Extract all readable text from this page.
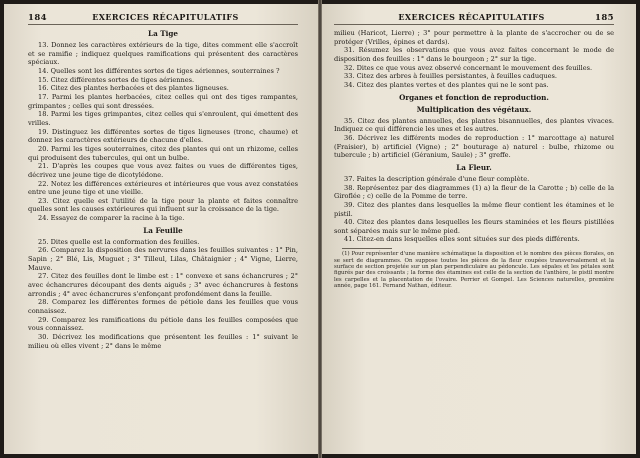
184	EXERCICES RÉCAPITULATIFS
La Tige

13. Donnez les caractères extérieurs de la tige, dites comment elle s'accroît et se ramifie ; indiquez quelques ramifications qui présentent des caractères spéciaux.

14. Quelles sont les différentes sortes de tiges aériennes, souterraines ?

15. Citez différentes sortes de tiges aériennes.

16. Citez des plantes herbacées et des plantes ligneuses.

17. Parmi les plantes herbacées, citez celles qui ont des tiges rampantes, grimpantes ; celles qui sont dressées.

18. Parmi les tiges grimpantes, citez celles qui s'enroulent, qui émettent des vrilles.

19. Distinguez les différentes sortes de tiges ligneuses (tronc, chaume) et donnez les caractères extérieurs de chacune d'elles.

20. Parmi les tiges souterraines, citez des plantes qui ont un rhizome, celles qui produisent des tubercules, qui ont un bulbe.

21. D'après les coupes que vous avez faites ou vues de différentes tiges, décrivez une jeune tige de dicotylédone.

22. Notez les différences extérieures et intérieures que vous avez constatées entre une jeune tige et une vieille.

23. Citez quelle est l'utilité de la tige pour la plante et faites connaître quelles sont les causes extérieures qui influent sur la croissance de la tige.

24. Essayez de comparer la racine à la tige.

La Feuille

25. Dites quelle est la conformation des feuilles.

26. Comparez la disposition des nervures dans les feuilles suivantes : 1° Pin, Sapin ; 2° Blé, Lis, Muguet ; 3° Tilleul, Lilas, Châtaignier ; 4° Vigne, Lierre, Mauve.

27. Citez des feuilles dont le limbe est : 1° convexe et sans échancrures ; 2° avec échancrures découpant des dents aiguës ; 3° avec échancrures à festons arrondis ; 4° avec échancrures s'enfonçant profondément dans la feuille.

28. Comparez les différentes formes de pétiole dans les feuilles que vous connaissez.

29. Comparez les ramifications du pétiole dans les feuilles composées que vous connaissez.

30. Décrivez les modifications que présentent les feuilles : 1° suivant le milieu où elles vivent ; 2° dans le même

EXERCICES RÉCAPITULATIFS	185

milieu (Haricot, Lierre) ; 3° pour permettre à la plante de s'accrocher ou de se protéger (Vrilles, épines et dards).

31. Résumez les observations que vous avez faites concernant le mode de disposition des feuilles : 1° dans le bourgeon ; 2° sur la tige.

32. Dites ce que vous avez observé concernant le mouvement des feuilles.

33. Citez des arbres à feuilles persistantes, à feuilles caduques.

34. Citez des plantes vertes et des plantes qui ne le sont pas.

Organes et fonction de reproduction.
Multiplication des végétaux.

35. Citez des plantes annuelles, des plantes bisannuelles, des plantes vivaces. Indiquez ce qui différencie les unes et les autres.

36. Décrivez les différents modes de reproduction : 1° marcottage a) naturel (Fraisier), b) artificiel (Vigne) ; 2° bouturage a) naturel : bulbe, rhizome ou tubercule ; b) artificiel (Géranium, Saule) ; 3° greffe.

La Fleur.

37. Faites la description générale d'une fleur complète.

38. Représentez par des diagrammes (1) a) la fleur de la Carotte ; b) celle de la Giroflée ; c) celle de la Pomme de terre.

39. Citez des plantes dans lesquelles la même fleur contient les étamines et le pistil.

40. Citez des plantes dans lesquelles les fleurs staminées et les fleurs pistillées sont séparées mais sur le même pied.

41. Citez-en dans lesquelles elles sont situées sur des pieds différents.

(1) Pour représenter d'une manière schématique la disposition et le nombre des pièces florales, on se sert de diagrammes. On suppose toutes les pièces de la fleur coupées transversalement et la surface de section projetée sur un plan perpendiculaire au pédoncule. Les sépales et les pétales sont figurés par des croissants ; la forme des étamines est celle de la section de l'anthère, le pistil montre les carpelles et la placentation de l'ovaire. Perrier et Gompel. Les Sciences naturelles, première année, page 161. Fernand Nathan, éditeur.
